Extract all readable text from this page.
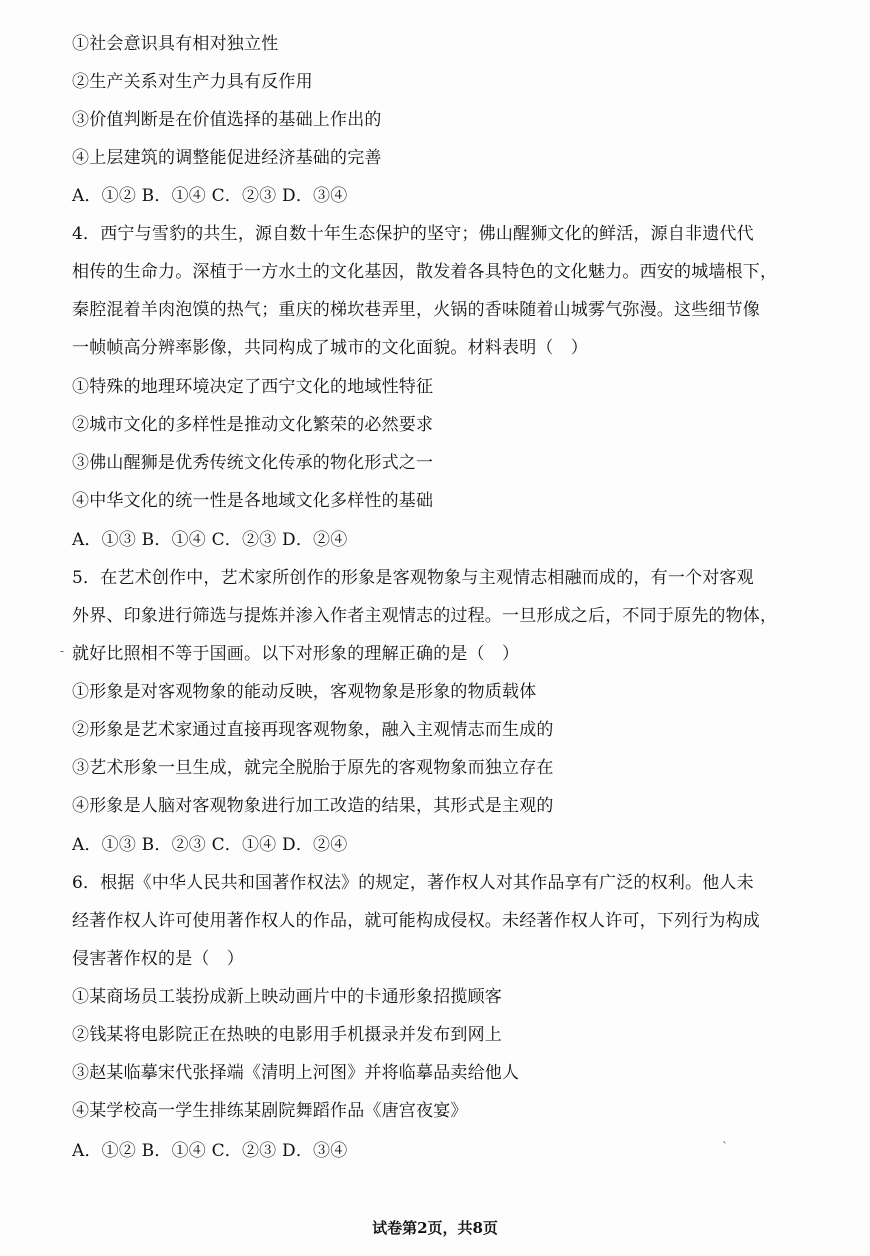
①社会意识具有相对独立性
②生产关系对生产力具有反作用
③价值判断是在价值选择的基础上作出的
④上层建筑的调整能促进经济基础的完善
A．①② B．①④ C．②③ D．③④
4．西宁与雪豹的共生，源自数十年生态保护的坚守；佛山醒狮文化的鲜活，源自非遗代代
相传的生命力。深植于一方水土的文化基因，散发着各具特色的文化魅力。西安的城墙根下，
秦腔混着羊肉泡馍的热气；重庆的梯坎巷弄里，火锅的香味随着山城雾气弥漫。这些细节像
一帧帧高分辨率影像，共同构成了城市的文化面貌。材料表明（　）
①特殊的地理环境决定了西宁文化的地域性特征
②城市文化的多样性是推动文化繁荣的必然要求
③佛山醒狮是优秀传统文化传承的物化形式之一
④中华文化的统一性是各地域文化多样性的基础
A．①③ B．①④ C．②③ D．②④
5．在艺术创作中，艺术家所创作的形象是客观物象与主观情志相融而成的，有一个对客观
外界、印象进行筛选与提炼并渗入作者主观情志的过程。一旦形成之后，不同于原先的物体，
就好比照相不等于国画。以下对形象的理解正确的是（　）
①形象是对客观物象的能动反映，客观物象是形象的物质载体
②形象是艺术家通过直接再现客观物象，融入主观情志而生成的
③艺术形象一旦生成，就完全脱胎于原先的客观物象而独立存在
④形象是人脑对客观物象进行加工改造的结果，其形式是主观的
A．①③ B．②③ C．①④ D．②④
6．根据《中华人民共和国著作权法》的规定，著作权人对其作品享有广泛的权利。他人未
经著作权人许可使用著作权人的作品，就可能构成侵权。未经著作权人许可，下列行为构成
侵害著作权的是（　）
①某商场员工装扮成新上映动画片中的卡通形象招揽顾客
②钱某将电影院正在热映的电影用手机摄录并发布到网上
③赵某临摹宋代张择端《清明上河图》并将临摹品卖给他人
④某学校高一学生排练某剧院舞蹈作品《唐宫夜宴》
A．①② B．①④ C．②③ D．③④
试卷第2页，共8页
‐
ˋ
